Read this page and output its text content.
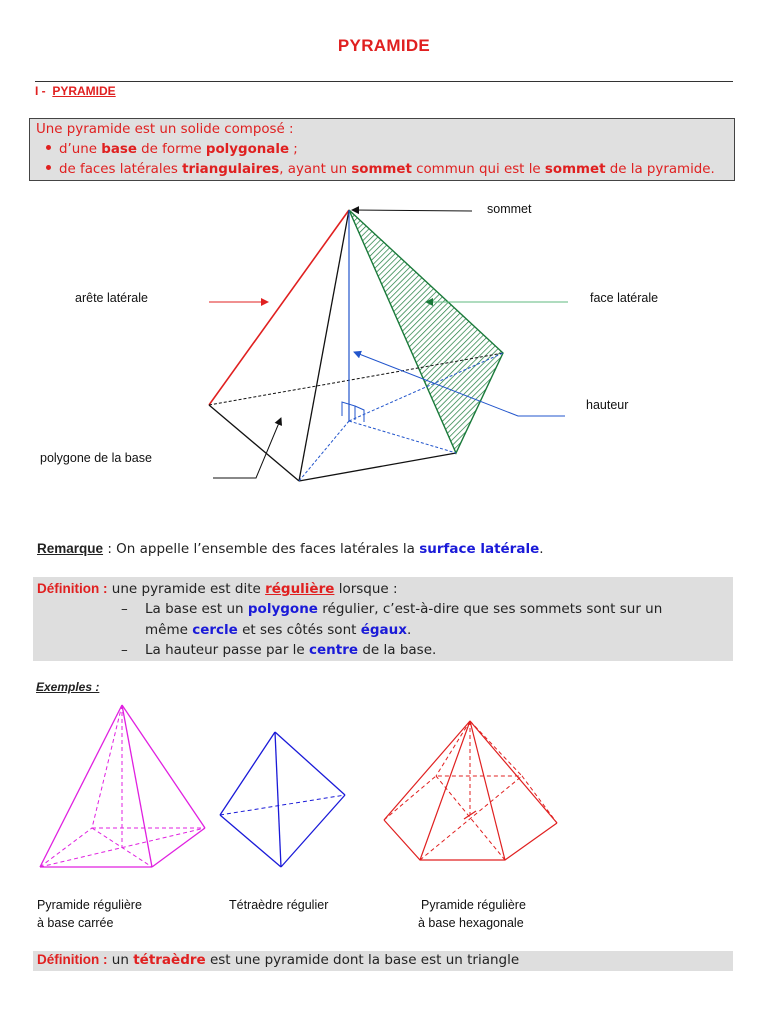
PYRAMIDE
I - PYRAMIDE
Une pyramide est un solide composé :
d’une base de forme polygonale ;
de faces latérales triangulaires, ayant un sommet commun qui est le sommet de la pyramide.
sommet
arête latérale	face latérale
hauteur
polygone de la base
Remarque : On appelle l’ensemble des faces latérales la surface latérale.
Définition : une pyramide est dite régulière lorsque :
– La base est un polygone régulier, c’est-à-dire que ses sommets sont sur un
même cercle et ses côtés sont égaux.
– La hauteur passe par le centre de la base.
Exemples :
Pyramide régulière
à base carrée
Tétraèdre régulier	Pyramide régulière
à base hexagonale
Définition : un tétraèdre est une pyramide dont la base est un triangle
